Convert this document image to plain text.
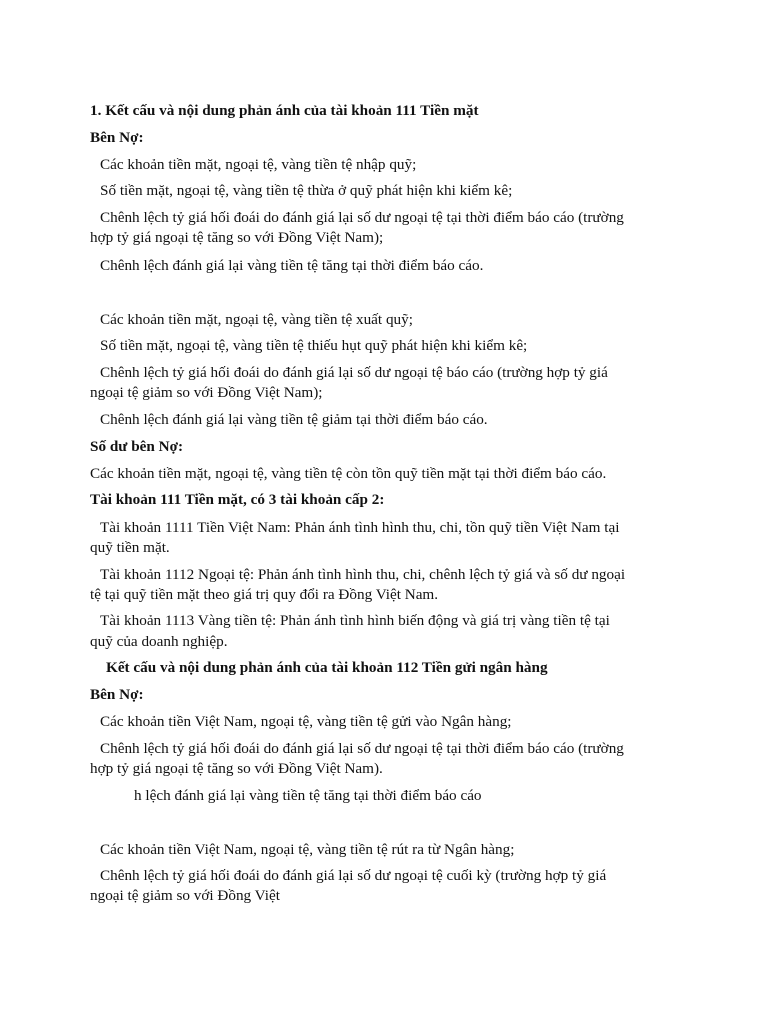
1. Kết cấu và nội dung phản ánh của tài khoản 111 Tiền mặt

Bên Nợ:

Các khoản tiền mặt, ngoại tệ, vàng tiền tệ nhập quỹ;

Số tiền mặt, ngoại tệ, vàng tiền tệ thừa ở quỹ phát hiện khi kiểm kê;

Chênh lệch tỷ giá hối đoái do đánh giá lại số dư ngoại tệ tại thời điểm báo cáo (trường

hợp tỷ giá ngoại tệ tăng so với Đồng Việt Nam);

Chênh lệch đánh giá lại vàng tiền tệ tăng tại thời điểm báo cáo.

Các khoản tiền mặt, ngoại tệ, vàng tiền tệ xuất quỹ;

Số tiền mặt, ngoại tệ, vàng tiền tệ thiếu hụt quỹ phát hiện khi kiểm kê;

Chênh lệch tỷ giá hối đoái do đánh giá lại số dư ngoại tệ báo cáo (trường hợp tỷ giá

ngoại tệ giảm so với Đồng Việt Nam);

Chênh lệch đánh giá lại vàng tiền tệ giảm tại thời điểm báo cáo.

Số dư bên Nợ:

Các khoản tiền mặt, ngoại tệ, vàng tiền tệ còn tồn quỹ tiền mặt tại thời điểm báo cáo.

Tài khoản 111 Tiền mặt, có 3 tài khoản cấp 2:

Tài khoản 1111 Tiền Việt Nam: Phản ánh tình hình thu, chi, tồn quỹ tiền Việt Nam tại

quỹ tiền mặt.

Tài khoản 1112 Ngoại tệ: Phản ánh tình hình thu, chi, chênh lệch tỷ giá và số dư ngoại

tệ tại quỹ tiền mặt theo giá trị quy đổi ra Đồng Việt Nam.

Tài khoản 1113 Vàng tiền tệ: Phản ánh tình hình biến động và giá trị vàng tiền tệ tại

quỹ của doanh nghiệp.

Kết cấu và nội dung phản ánh của tài khoản 112 Tiền gửi ngân hàng

Bên Nợ:

Các khoản tiền Việt Nam, ngoại tệ, vàng tiền tệ gửi vào Ngân hàng;

Chênh lệch tỷ giá hối đoái do đánh giá lại số dư ngoại tệ tại thời điểm báo cáo (trường

hợp tỷ giá ngoại tệ tăng so với Đồng Việt Nam).

h lệch đánh giá lại vàng tiền tệ tăng tại thời điểm báo cáo

Các khoản tiền Việt Nam, ngoại tệ, vàng tiền tệ rút ra từ Ngân hàng;

Chênh lệch tỷ giá hối đoái do đánh giá lại số dư ngoại tệ cuối kỳ (trường hợp tỷ giá

ngoại tệ giảm so với Đồng Việt
